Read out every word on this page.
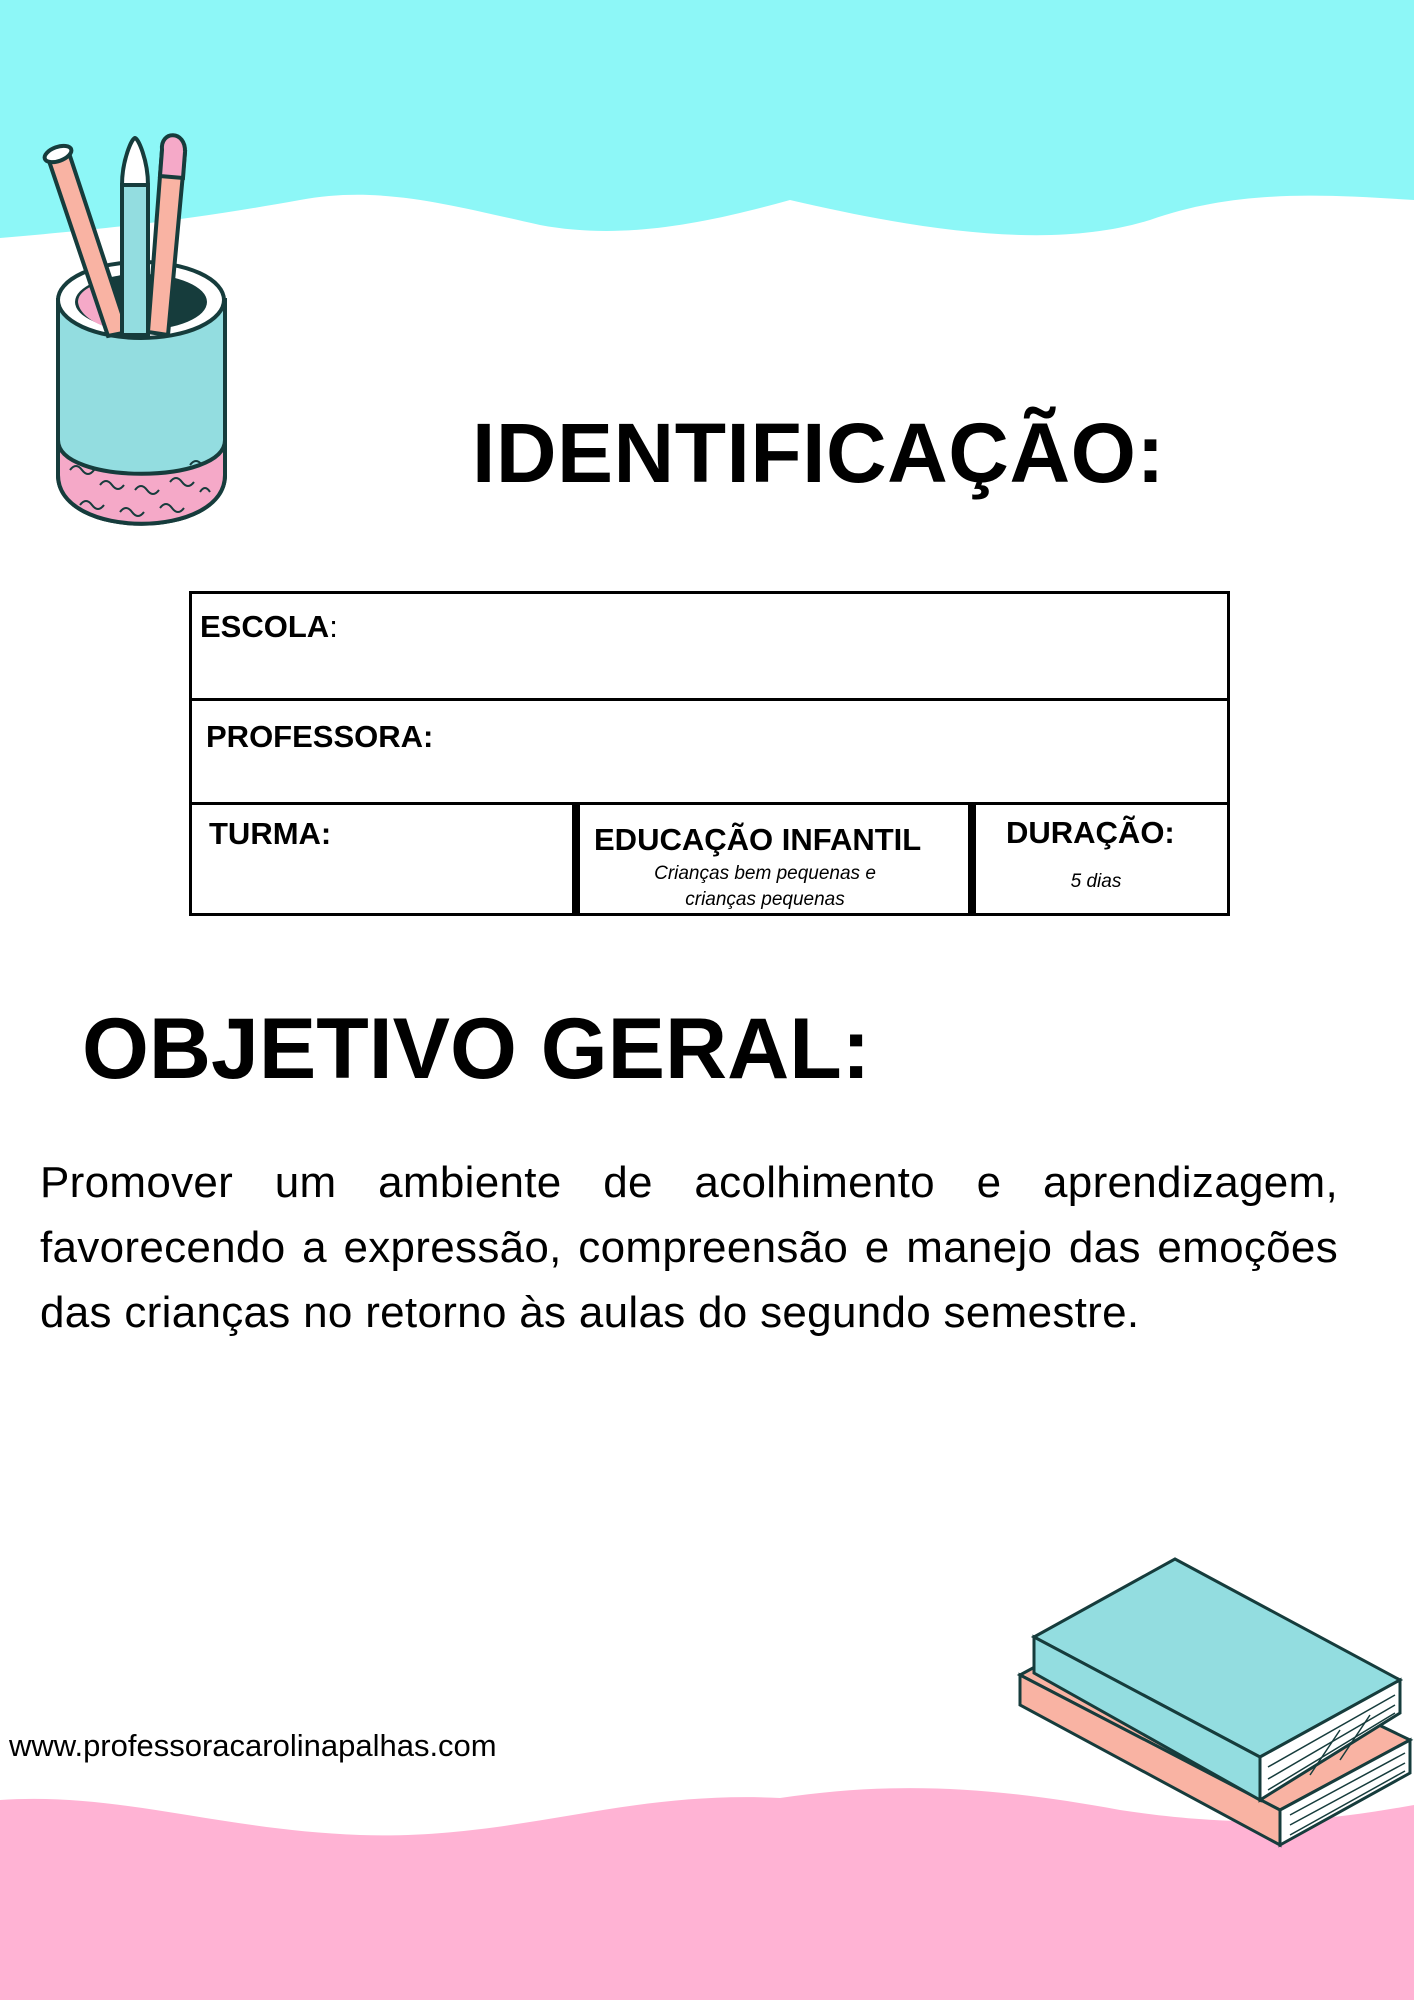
IDENTIFICAÇÃO:
ESCOLA:
PROFESSORA:
TURMA:	EDUCAÇÃO INFANTIL
Crianças bem pequenas e
crianças pequenas
DURAÇÃO:
5 dias
OBJETIVO GERAL:

Promover um ambiente de acolhimento e aprendizagem, favorecendo a expressão, compreensão e manejo das emoções das crianças no retorno às aulas do segundo semestre.

www.professoracarolinapalhas.com
